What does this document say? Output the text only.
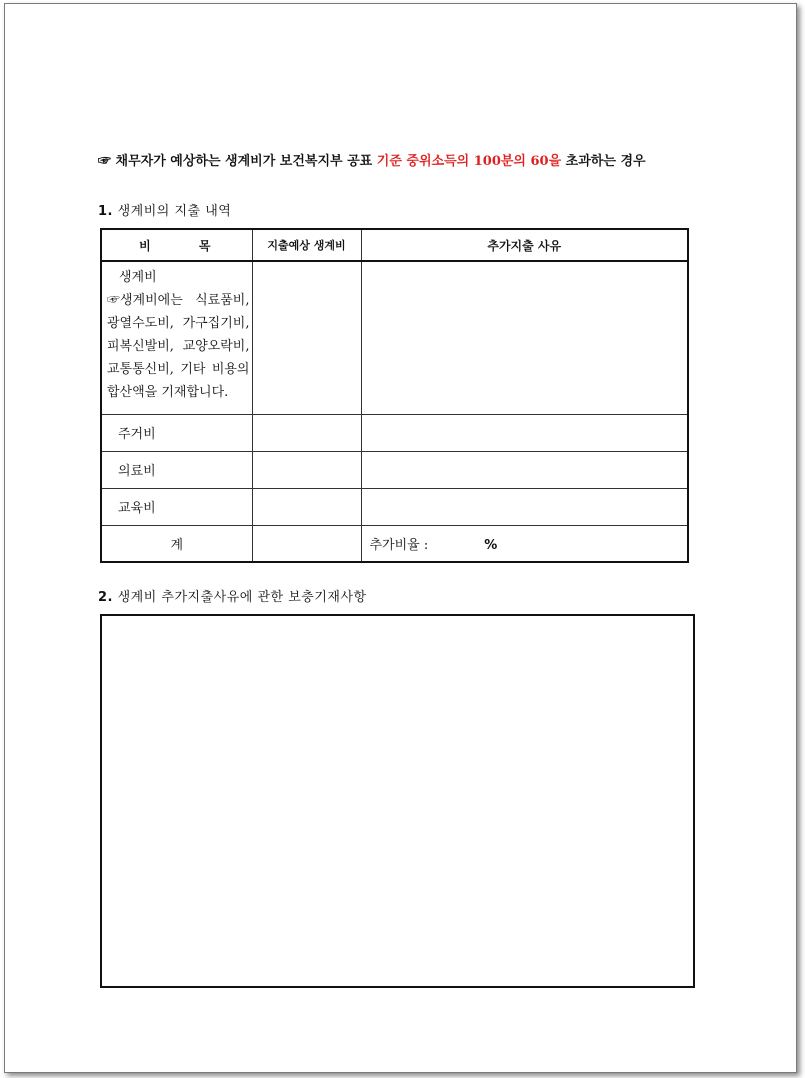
☞ 채무자가 예상하는 생계비가 보건복지부 공표 기준 중위소득의 100분의 60을 초과하는 경우
1. 생계비의 지출 내역
비 목	지출예상 생계비	추가지출 사유

생계비
☞생계비에는 식료품비, 광열수도비, 가구집기비, 피복신발비, 교양오락비, 교통통신비, 기타 비용의 합산액을 기재합니다.		

주거비		
의료비		
교육비		
계		추가비율 : %
2. 생계비 추가지출사유에 관한 보충기재사항
